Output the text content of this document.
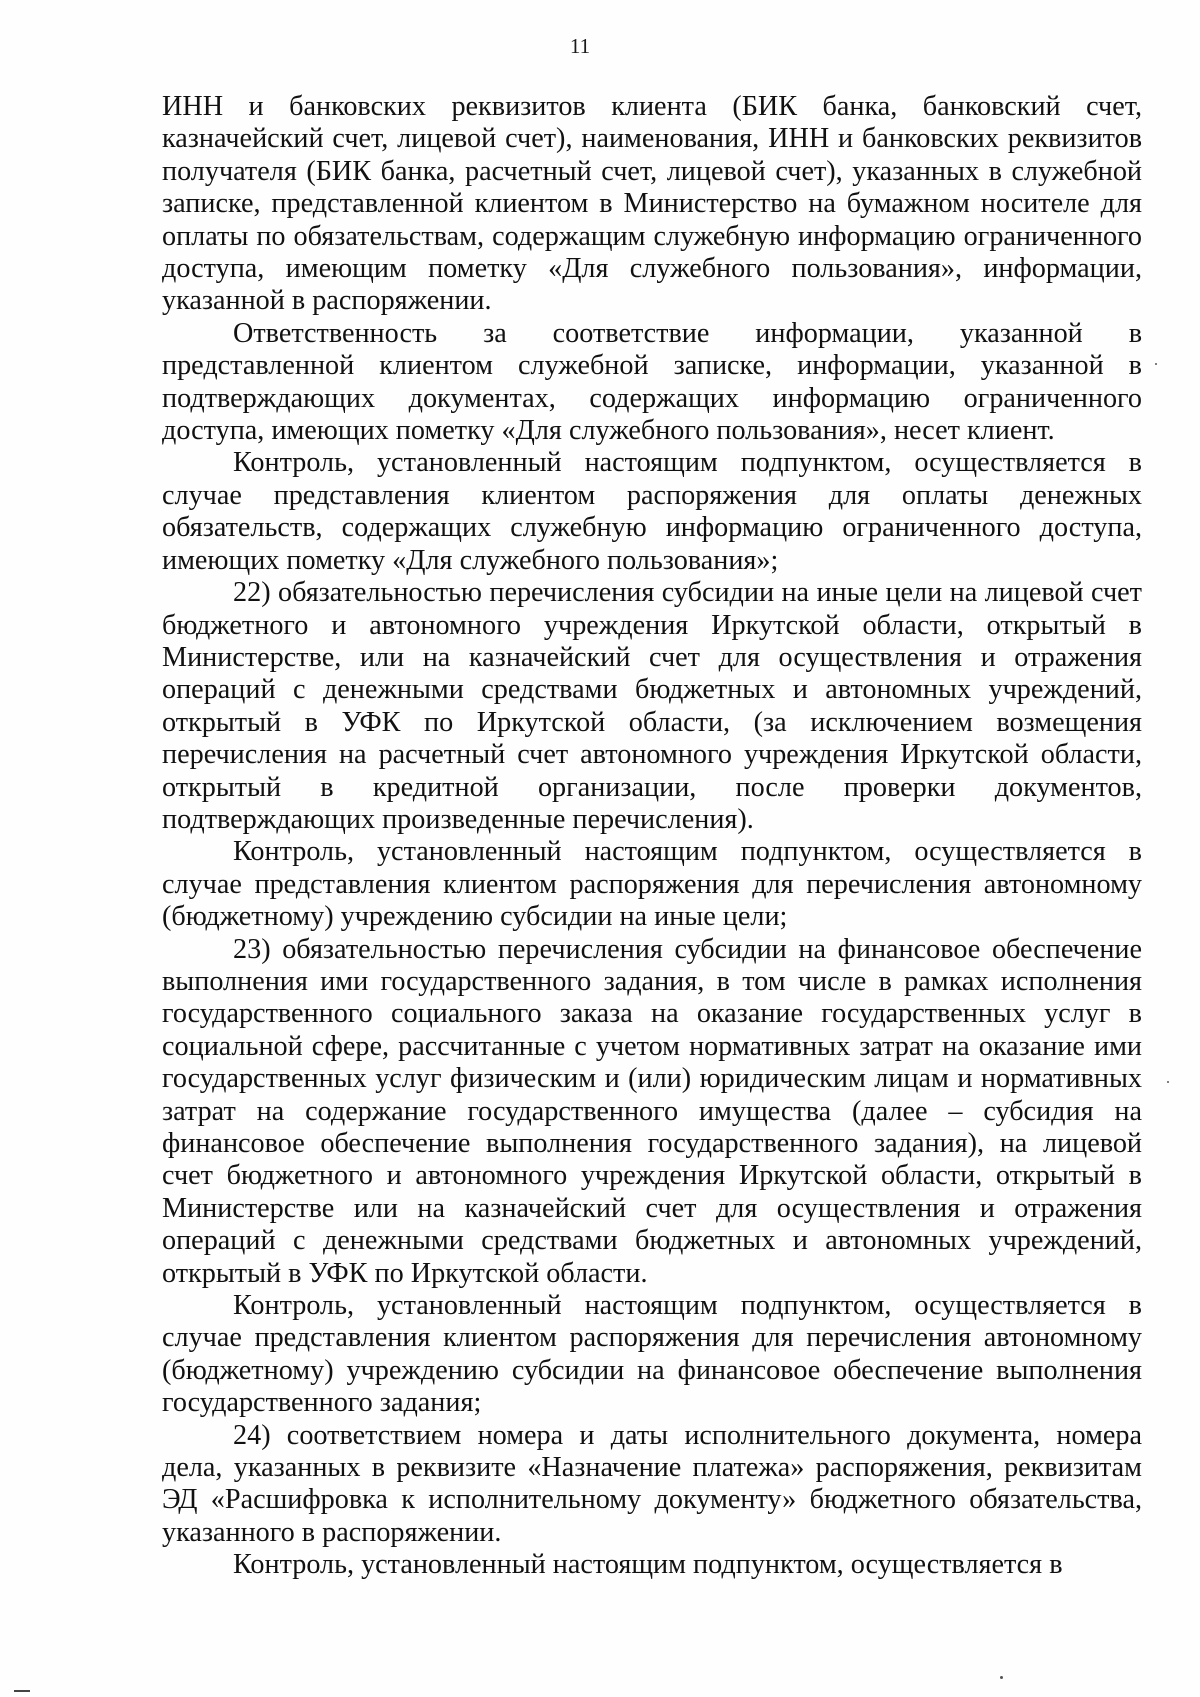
11

ИНН и банковских реквизитов клиента (БИК банка, банковский счет, казначейский счет, лицевой счет), наименования, ИНН и банковских реквизитов получателя (БИК банка, расчетный счет, лицевой счет), указанных в служебной записке, представленной клиентом в Министерство на бумажном носителе для оплаты по обязательствам, содержащим служебную информацию ограниченного доступа, имеющим пометку «Для служебного пользования», информации, указанной в распоряжении.

Ответственность за соответствие информации, указанной в представленной клиентом служебной записке, информации, указанной в подтверждающих документах, содержащих информацию ограниченного доступа, имеющих пометку «Для служебного пользования», несет клиент.

Контроль, установленный настоящим подпунктом, осуществляется в случае представления клиентом распоряжения для оплаты денежных обязательств, содержащих служебную информацию ограниченного доступа, имеющих пометку «Для служебного пользования»;

22) обязательностью перечисления субсидии на иные цели на лицевой счет бюджетного и автономного учреждения Иркутской области, открытый в Министерстве, или на казначейский счет для осуществления и отражения операций с денежными средствами бюджетных и автономных учреждений, открытый в УФК по Иркутской области, (за исключением возмещения перечисления на расчетный счет автономного учреждения Иркутской области, открытый в кредитной организации, после проверки документов, подтверждающих произведенные перечисления).

Контроль, установленный настоящим подпунктом, осуществляется в случае представления клиентом распоряжения для перечисления автономному (бюджетному) учреждению субсидии на иные цели;

23) обязательностью перечисления субсидии на финансовое обеспечение выполнения ими государственного задания, в том числе в рамках исполнения государственного социального заказа на оказание государственных услуг в социальной сфере, рассчитанные с учетом нормативных затрат на оказание ими государственных услуг физическим и (или) юридическим лицам и нормативных затрат на содержание государственного имущества (далее – субсидия на финансовое обеспечение выполнения государственного задания), на лицевой счет бюджетного и автономного учреждения Иркутской области, открытый в Министерстве или на казначейский счет для осуществления и отражения операций с денежными средствами бюджетных и автономных учреждений, открытый в УФК по Иркутской области.

Контроль, установленный настоящим подпунктом, осуществляется в случае представления клиентом распоряжения для перечисления автономному (бюджетному) учреждению субсидии на финансовое обеспечение выполнения государственного задания;

24) соответствием номера и даты исполнительного документа, номера дела, указанных в реквизите «Назначение платежа» распоряжения, реквизитам ЭД «Расшифровка к исполнительному документу» бюджетного обязательства, указанного в распоряжении.

Контроль, установленный настоящим подпунктом, осуществляется в
